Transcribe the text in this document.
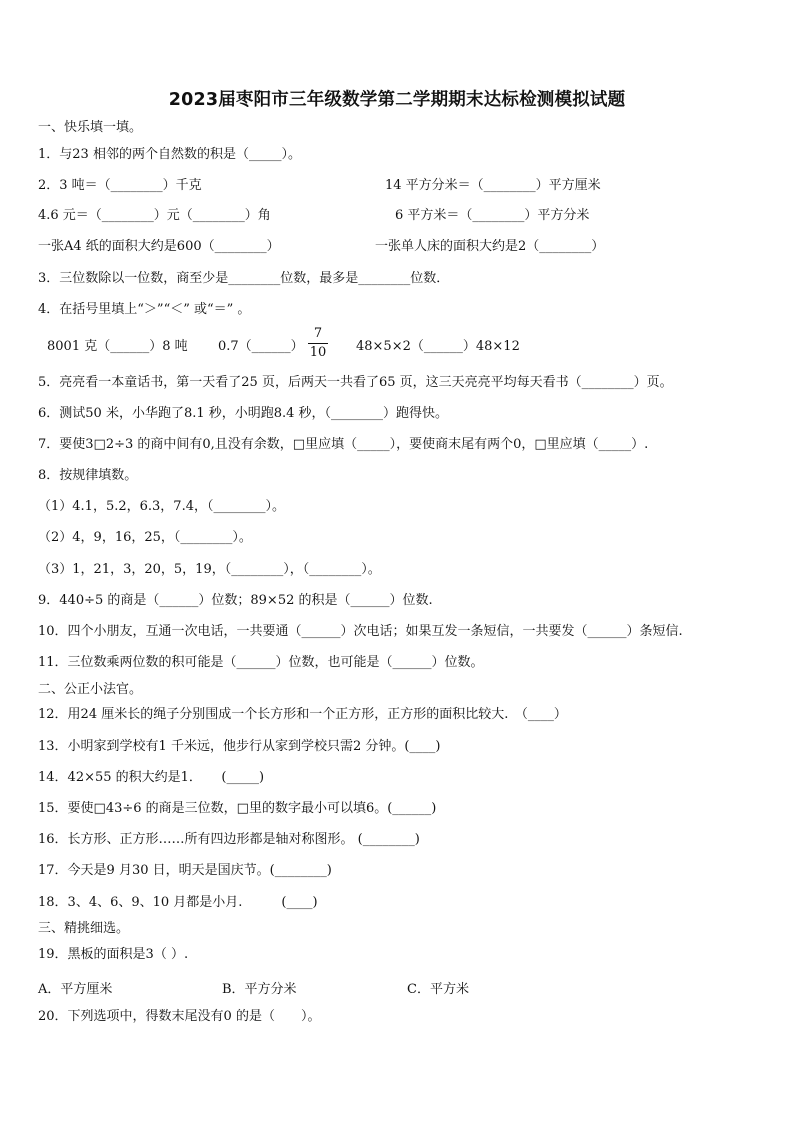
2023届枣阳市三年级数学第二学期期末达标检测模拟试题
一、快乐填一填。
1．与23 相邻的两个自然数的积是（_____）。
2．3 吨＝（________）千克	14 平方分米＝（________）平方厘米
4.6 元＝（________）元（________）角	6 平方米＝（________）平方分米
一张A4 纸的面积大约是600（________）	一张单人床的面积大约是2（________）
3．三位数除以一位数，商至少是________位数，最多是________位数．
4．在括号里填上“＞”“＜” 或“＝” 。
8001 克（______）8 吨 0.7（______）
7
10 48×5×2（______）48×12
5．亮亮看一本童话书，第一天看了25 页，后两天一共看了65 页，这三天亮亮平均每天看书（________）页。
6．测试50 米，小华跑了8.1 秒，小明跑8.4 秒，（________）跑得快。
7．要使3□2÷3 的商中间有0,且没有余数，□里应填（_____），要使商末尾有两个0，□里应填（_____）.
8．按规律填数。
（1）4.1，5.2，6.3，7.4，（________）。
（2）4，9，16，25，（________）。
（3）1，21，3，20，5，19，（________），（________）。
9．440÷5 的商是（______）位数；89×52 的积是（______）位数.
10．四个小朋友，互通一次电话，一共要通（______）次电话；如果互发一条短信，一共要发（______）条短信.
11．三位数乘两位数的积可能是（______）位数，也可能是（______）位数。
二、公正小法官。
12．用24 厘米长的绳子分别围成一个长方形和一个正方形，正方形的面积比较大.　（____）
13．小明家到学校有1 千米远，他步行从家到学校只需2 分钟。(____)
14．42×55 的积大约是1．　　(_____)
15．要使□43÷6 的商是三位数，□里的数字最小可以填6。(______)
16．长方形、正方形……所有四边形都是轴对称图形。 (________)
17．今天是9 月30 日，明天是国庆节。(________)
18．3、4、6、9、10 月都是小月.　　　(____)
三、精挑细选。
19．黑板的面积是3（ ）.
A．平方厘米	B．平方分米	C．平方米
20．下列选项中，得数末尾没有0 的是（　　）。
